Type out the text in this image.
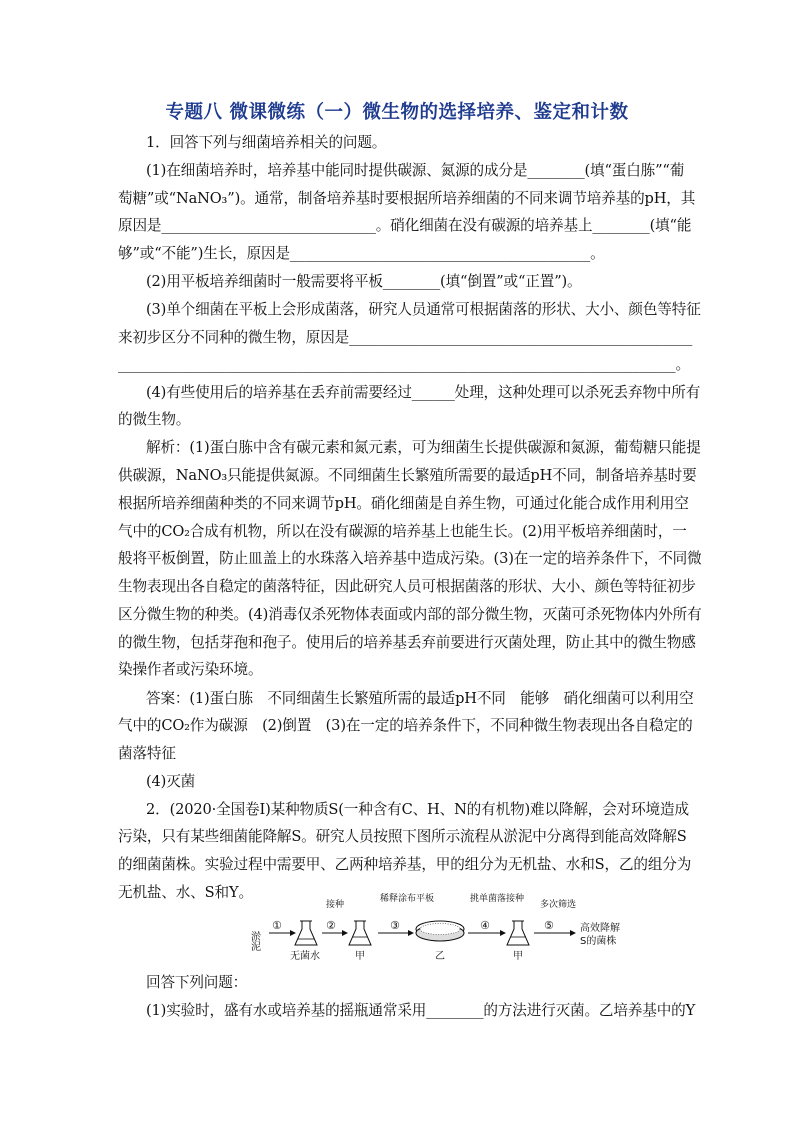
专题八 微课微练（一）微生物的选择培养、鉴定和计数
1．回答下列与细菌培养相关的问题。
(1)在细菌培养时，培养基中能同时提供碳源、氮源的成分是________(填“蛋白胨”“葡
萄糖”或“NaNO₃”)。通常，制备培养基时要根据所培养细菌的不同来调节培养基的pH，其
原因是______________________________。硝化细菌在没有碳源的培养基上________(填“能
够”或“不能”)生长，原因是__________________________________________。
(2)用平板培养细菌时一般需要将平板________(填“倒置”或“正置”)。
(3)单个细菌在平板上会形成菌落，研究人员通常可根据菌落的形状、大小、颜色等特征
来初步区分不同种的微生物，原因是________________________________________________
______________________________________________________________________________。
(4)有些使用后的培养基在丢弃前需要经过______处理，这种处理可以杀死丢弃物中所有
的微生物。
解析：(1)蛋白胨中含有碳元素和氮元素，可为细菌生长提供碳源和氮源，葡萄糖只能提
供碳源，NaNO₃只能提供氮源。不同细菌生长繁殖所需要的最适pH不同，制备培养基时要
根据所培养细菌种类的不同来调节pH。硝化细菌是自养生物，可通过化能合成作用利用空
气中的CO₂合成有机物，所以在没有碳源的培养基上也能生长。(2)用平板培养细菌时，一
般将平板倒置，防止皿盖上的水珠落入培养基中造成污染。(3)在一定的培养条件下，不同微
生物表现出各自稳定的菌落特征，因此研究人员可根据菌落的形状、大小、颜色等特征初步
区分微生物的种类。(4)消毒仅杀死物体表面或内部的部分微生物，灭菌可杀死物体内外所有
的微生物，包括芽孢和孢子。使用后的培养基丢弃前要进行灭菌处理，防止其中的微生物感
染操作者或污染环境。
答案：(1)蛋白胨　不同细菌生长繁殖所需的最适pH不同　能够　硝化细菌可以利用空
气中的CO₂作为碳源　(2)倒置　(3)在一定的培养条件下，不同种微生物表现出各自稳定的
菌落特征
(4)灭菌
2．(2020·全国卷Ⅰ)某种物质S(一种含有C、H、N的有机物)难以降解，会对环境造成
污染，只有某些细菌能降解S。研究人员按照下图所示流程从淤泥中分离得到能高效降解S
的细菌菌株。实验过程中需要甲、乙两种培养基，甲的组分为无机盐、水和S，乙的组分为
无机盐、水、S和Y。
淤泥
①
无菌水
接种
②
甲
稀释涂布平板
③
乙
挑单菌落接种
④
甲
多次筛选
⑤	高效降解 S的菌株
回答下列问题：
(1)实验时，盛有水或培养基的摇瓶通常采用________的方法进行灭菌。乙培养基中的Y
